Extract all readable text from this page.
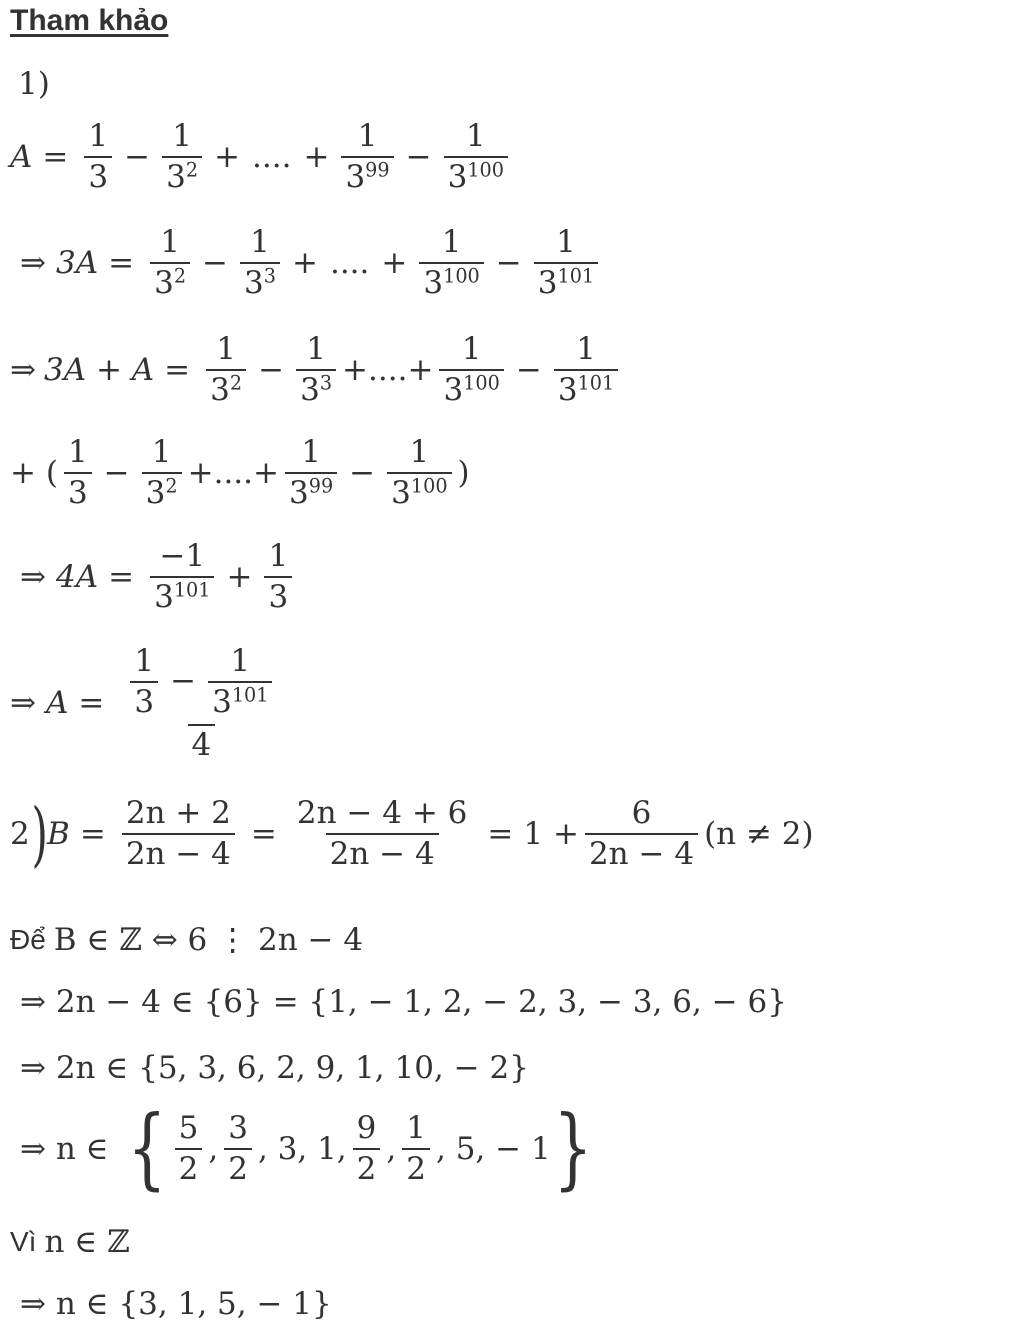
Tham khảo
1)
$A = \frac{1}{3} - \frac{1}{3^2}$ + .... + $\frac{1}{3^{99}} - \frac{1}{3^{100}}$
⇒ $3A = \frac{1}{3^2} - \frac{1}{3^3}$ + .... + $\frac{1}{3^{100}} - \frac{1}{3^{101}}$
⇒ $3A + A = \frac{1}{3^2} - \frac{1}{3^3}$ + .... + $\frac{1}{3^{100}} - \frac{1}{3^{101}}$
+ ( $\frac{1}{3} - \frac{1}{3^2}$ + .... + $\frac{1}{3^{99}} - \frac{1}{3^{100}}$ )
⇒ $4A = \frac{-1}{3^{101}} + \frac{1}{3}$
⇒ $A = \frac{\frac{1}{3} - \frac{1}{3^{101}}}{4}$
2 ) $B = \frac{2n + 2}{2n - 4} = \frac{2n - 4 + 6}{2n - 4} = 1 + \frac{6}{2n - 4} (n \ne 2)$
Để B ∈ ℤ ⇔ 6 ⋮ 2n − 4
⇒ 2n − 4 ∈ {6} = {1, − 1, 2, − 2, 3, − 3, 6, − 6}
⇒ 2n ∈ {5, 3, 6, 2, 9, 1, 10, − 2}
⇒ n ∈ { $\frac{5}{2}$ , $\frac{3}{2}$ , 3, 1, $\frac{9}{2}$ , $\frac{1}{2}$ , 5, − 1 }
Vì n ∈ ℤ
⇒ n ∈ {3, 1, 5, − 1}
